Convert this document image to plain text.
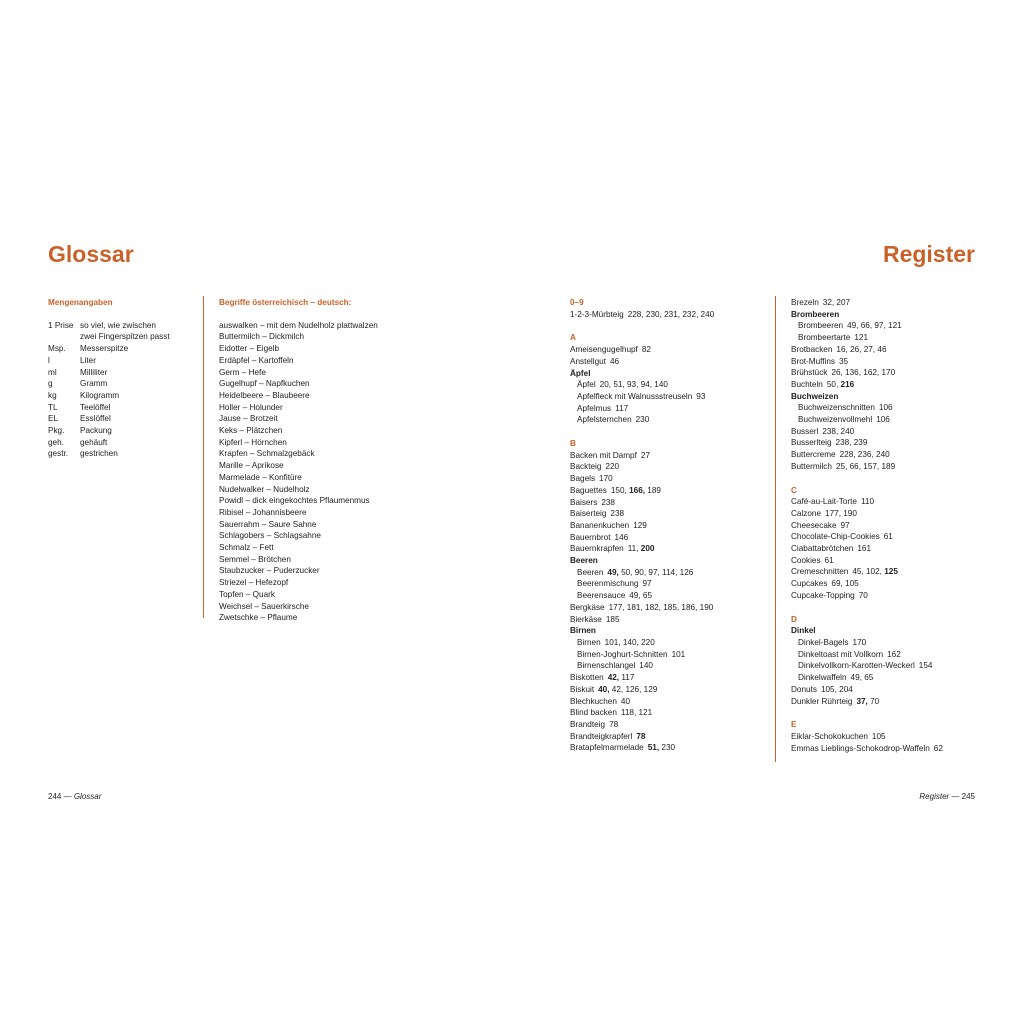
Glossar	Register
Mengenangaben
1 Prise so viel, wie zwischen
zwei Fingerspitzen passt
Msp.	Messerspitze
l	Liter
ml	Milliliter
g	Gramm
kg	Kilogramm
TL	Teelöffel
EL	Esslöffel
Pkg.	Packung
geh.	gehäuft
gestr.	gestrichen
Begriffe österreichisch – deutsch:
auswalken – mit dem Nudelholz plattwalzen
Buttermilch – Dickmilch
Eidotter – Eigelb
Erdäpfel – Kartoffeln
Germ – Hefe
Gugelhupf – Napfkuchen
Heidelbeere – Blaubeere
Holler – Holunder
Jause – Brotzeit
Keks – Plätzchen
Kipferl – Hörnchen
Krapfen – Schmalzgebäck
Marille – Aprikose
Marmelade – Konfitüre
Nudelwalker – Nudelholz
Powidl – dick eingekochtes Pflaumenmus
Ribisel – Johannisbeere
Sauerrahm – Saure Sahne
Schlagobers – Schlagsahne
Schmalz – Fett
Semmel – Brötchen
Staubzucker – Puderzucker
Striezel – Hefezopf
Topfen – Quark
Weichsel – Sauerkirsche
Zwetschke – Pflaume
0–9
1-2-3-Mürbteig 228, 230, 231, 232, 240
A
Ameisengugelhupf 82
Anstellgut 46
Äpfel
Äpfel 20, 51, 93, 94, 140
Apfelfleck mit Walnussstreuseln 93
Apfelmus 117
Apfelsternchen 230
B
Backen mit Dampf 27
Backteig 220
Bagels 170
Baguettes 150, 166, 189
Baisers 238
Baiserteig 238
Bananenkuchen 129
Bauernbrot 146
Bauernkrapfen 11, 200
Beeren
Beeren 49, 50, 90, 97, 114, 126
Beerenmischung 97
Beerensauce 49, 65
Bergkäse 177, 181, 182, 185, 186, 190
Bierkäse 185
Birnen
Birnen 101, 140, 220
Birnen-Joghurt-Schnitten 101
Birnenschlangel 140
Biskotten 42, 117
Biskuit 40, 42, 126, 129
Blechkuchen 40
Blind backen 118, 121
Brandteig 78
Brandteigkrapferl 78
Bratapfelmarmelade 51, 230
Brezeln 32, 207
Brombeeren
Brombeeren 49, 66, 97, 121
Brombeertarte 121
Brotbacken 16, 26, 27, 46
Brot-Muffins 35
Brühstück 26, 136, 162, 170
Buchteln 50, 216
Buchweizen
Buchweizenschnitten 106
Buchweizenvollmehl 106
Busserl 238, 240
Busserlteig 238, 239
Buttercreme 228, 236, 240
Buttermilch 25, 66, 157, 189
C
Café-au-Lait-Torte 110
Calzone 177, 190
Cheesecake 97
Chocolate-Chip-Cookies 61
Ciabattabrötchen 161
Cookies 61
Cremeschnitten 45, 102, 125
Cupcakes 69, 105
Cupcake-Topping 70
D
Dinkel
Dinkel-Bagels 170
Dinkeltoast mit Vollkorn 162
Dinkelvollkorn-Karotten-Weckerl 154
Dinkelwaffeln 49, 65
Donuts 105, 204
Dunkler Rührteig 37, 70
E
Eiklar-Schokokuchen 105
Emmas Lieblings-Schokodrop-Waffeln 62
244 — Glossar	Register — 245
